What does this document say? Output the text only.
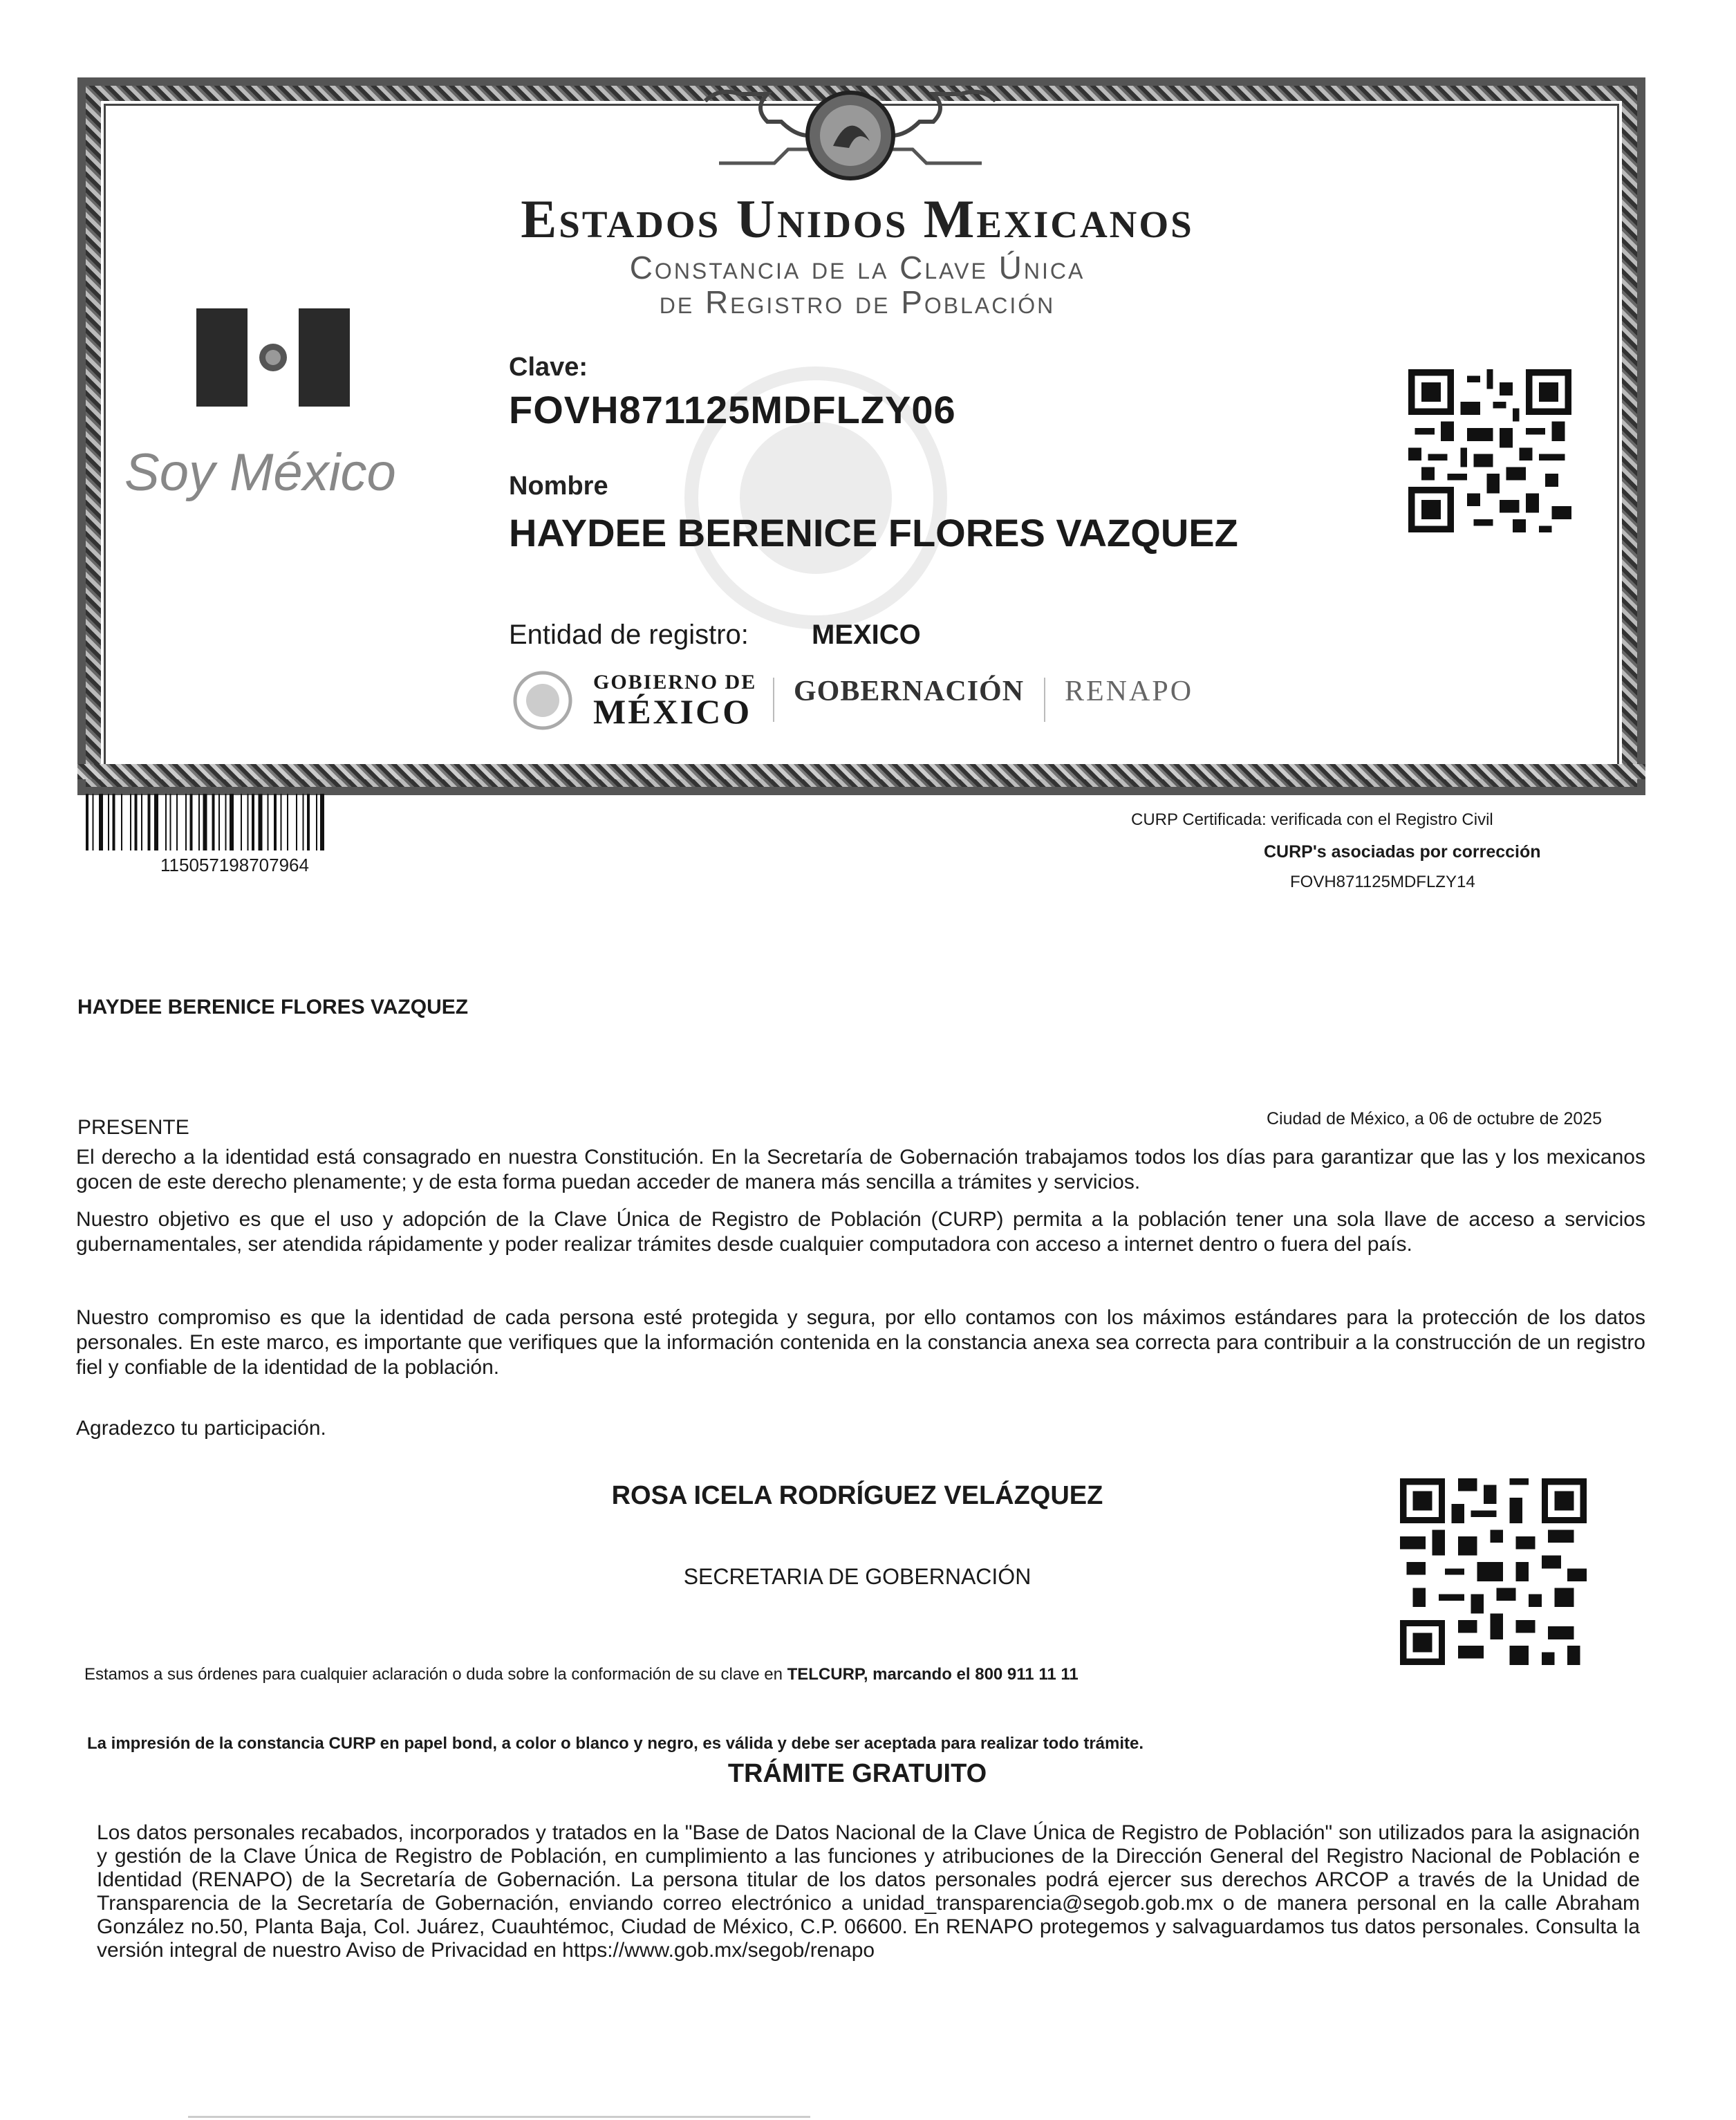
Estados Unidos Mexicanos
Constancia de la Clave Única
de Registro de Población
Soy México
Clave:
FOVH871125MDFLZY06
Nombre
HAYDEE BERENICE FLORES VAZQUEZ
Entidad de registro: MEXICO
GOBIERNO DE
MÉXICO
GOBERNACIÓN RENAPO
115057198707964
CURP Certificada: verificada con el Registro Civil
CURP's asociadas por corrección
FOVH871125MDFLZY14
HAYDEE BERENICE FLORES VAZQUEZ
PRESENTE	Ciudad de México, a 06 de octubre de 2025
El derecho a la identidad está consagrado en nuestra Constitución. En la Secretaría de Gobernación trabajamos todos los días para garantizar que las y los mexicanos gocen de este derecho plenamente; y de esta forma puedan acceder de manera más sencilla a trámites y servicios.
Nuestro objetivo es que el uso y adopción de la Clave Única de Registro de Población (CURP) permita a la población tener una sola llave de acceso a servicios gubernamentales, ser atendida rápidamente y poder realizar trámites desde cualquier computadora con acceso a internet dentro o fuera del país.
Nuestro compromiso es que la identidad de cada persona esté protegida y segura, por ello contamos con los máximos estándares para la protección de los datos personales. En este marco, es importante que verifiques que la información contenida en la constancia anexa sea correcta para contribuir a la construcción de un registro fiel y confiable de la identidad de la población.
Agradezco tu participación.
ROSA ICELA RODRÍGUEZ VELÁZQUEZ
SECRETARIA DE GOBERNACIÓN
Estamos a sus órdenes para cualquier aclaración o duda sobre la conformación de su clave en TELCURP, marcando el 800 911 11 11
La impresión de la constancia CURP en papel bond, a color o blanco y negro, es válida y debe ser aceptada para realizar todo trámite.
TRÁMITE GRATUITO
Los datos personales recabados, incorporados y tratados en la "Base de Datos Nacional de la Clave Única de Registro de Población" son utilizados para la asignación y gestión de la Clave Única de Registro de Población, en cumplimiento a las funciones y atribuciones de la Dirección General del Registro Nacional de Población e Identidad (RENAPO) de la Secretaría de Gobernación. La persona titular de los datos personales podrá ejercer sus derechos ARCOP a través de la Unidad de Transparencia de la Secretaría de Gobernación, enviando correo electrónico a unidad_transparencia@segob.gob.mx o de manera personal en la calle Abraham González no.50, Planta Baja, Col. Juárez, Cuauhtémoc, Ciudad de México, C.P. 06600. En RENAPO protegemos y salvaguardamos tus datos personales. Consulta la versión integral de nuestro Aviso de Privacidad en https://www.gob.mx/segob/renapo
